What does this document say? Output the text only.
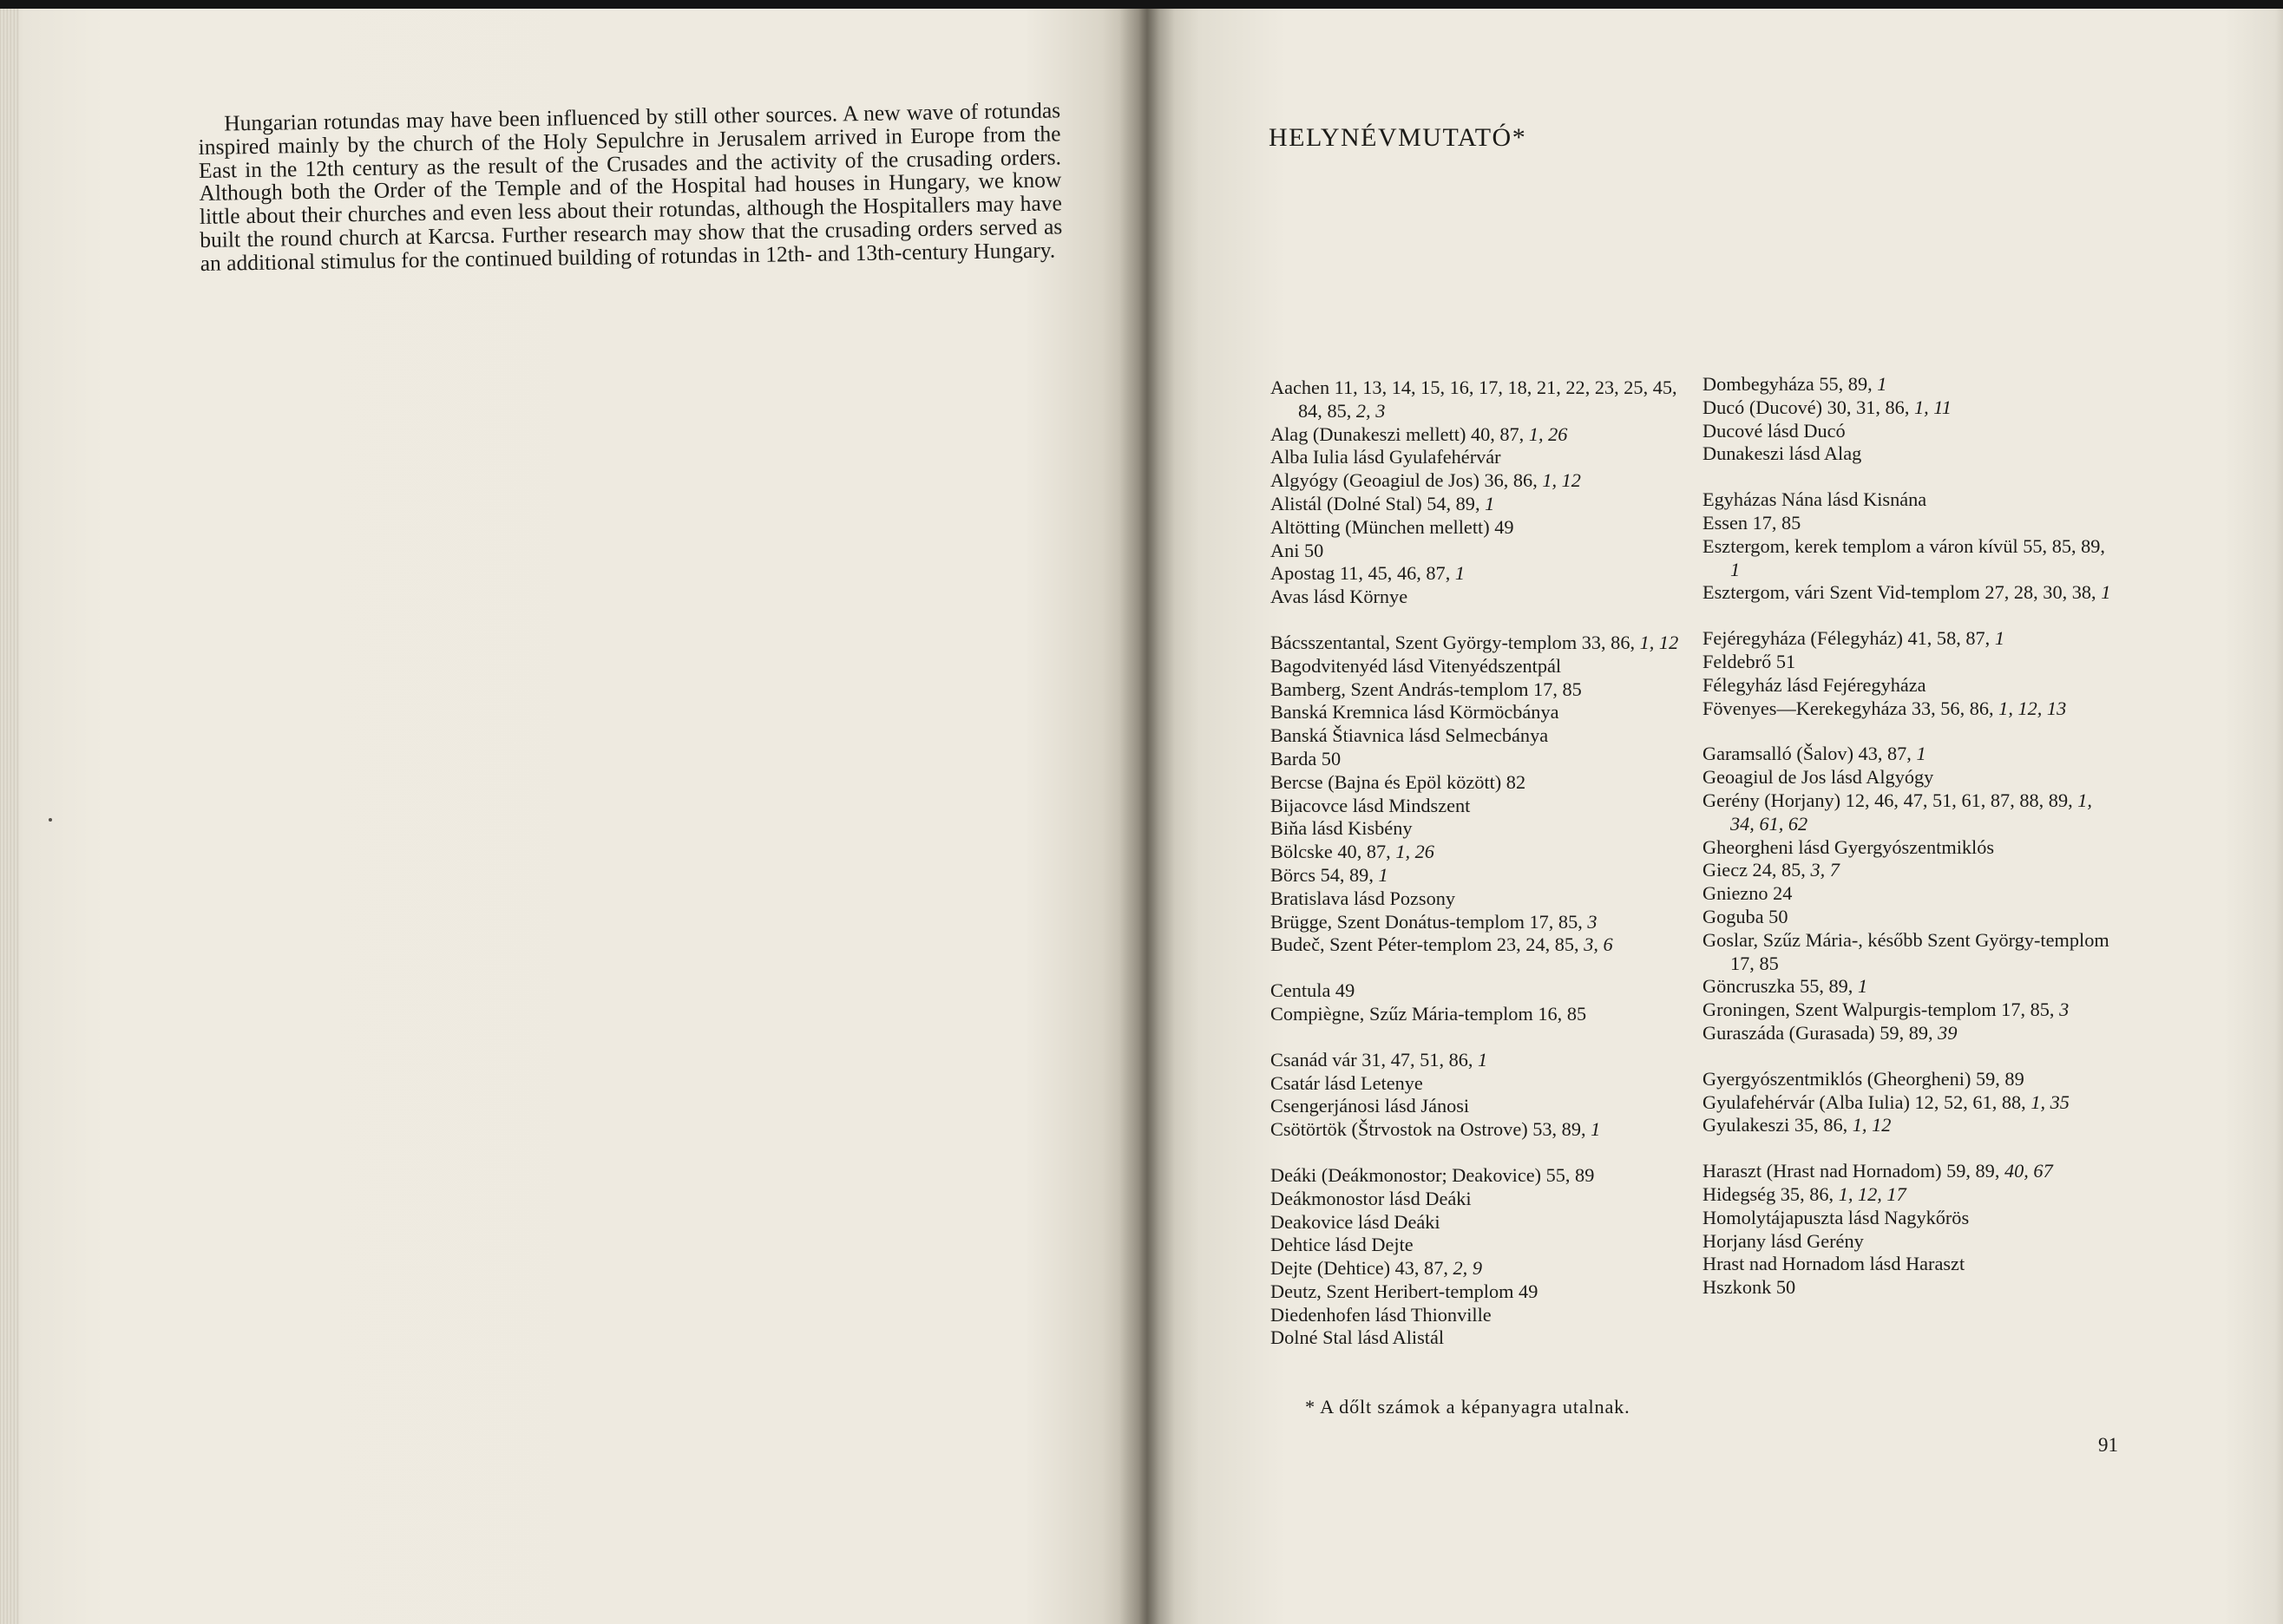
Hungarian rotundas may have been influenced by still other sources. A new wave of rotundas inspired mainly by the church of the Holy Sepulchre in Jerusalem arrived in Europe from the East in the 12th century as the result of the Crusades and the activity of the crusading orders. Although both the Order of the Temple and of the Hospital had houses in Hungary, we know little about their churches and even less about their rotundas, although the Hospitallers may have built the round church at Karcsa. Further research may show that the crusading orders served as an additional stimulus for the continued building of rotundas in 12th- and 13th-century Hungary.

HELYNÉVMUTATÓ*
Aachen 11, 13, 14, 15, 16, 17, 18, 21, 22, 23, 25, 45, 84, 85, 2, 3
Alag (Dunakeszi mellett) 40, 87, 1, 26
Alba Iulia lásd Gyulafehérvár
Algyógy (Geoagiul de Jos) 36, 86, 1, 12
Alistál (Dolné Stal) 54, 89, 1
Altötting (München mellett) 49
Ani 50
Apostag 11, 45, 46, 87, 1
Avas lásd Környe
Bácsszentantal, Szent György-templom 33, 86, 1, 12
Bagodvitenyéd lásd Vitenyédszentpál
Bamberg, Szent András-templom 17, 85
Banská Kremnica lásd Körmöcbánya
Banská Štiavnica lásd Selmecbánya
Barda 50
Bercse (Bajna és Epöl között) 82
Bijacovce lásd Mindszent
Biňa lásd Kisbény
Bölcske 40, 87, 1, 26
Börcs 54, 89, 1
Bratislava lásd Pozsony
Brügge, Szent Donátus-templom 17, 85, 3
Budeč, Szent Péter-templom 23, 24, 85, 3, 6
Centula 49
Compiègne, Szűz Mária-templom 16, 85
Csanád vár 31, 47, 51, 86, 1
Csatár lásd Letenye
Csengerjánosi lásd Jánosi
Csötörtök (Štrvostok na Ostrove) 53, 89, 1
Deáki (Deákmonostor; Deakovice) 55, 89
Deákmonostor lásd Deáki
Deakovice lásd Deáki
Dehtice lásd Dejte
Dejte (Dehtice) 43, 87, 2, 9
Deutz, Szent Heribert-templom 49
Diedenhofen lásd Thionville
Dolné Stal lásd Alistál
Dombegyháza 55, 89, 1
Ducó (Ducové) 30, 31, 86, 1, 11
Ducové lásd Ducó
Dunakeszi lásd Alag
Egyházas Nána lásd Kisnána
Essen 17, 85
Esztergom, kerek templom a váron kívül 55, 85, 89, 1
Esztergom, vári Szent Vid-templom 27, 28, 30, 38, 1
Fejéregyháza (Félegyház) 41, 58, 87, 1
Feldebrő 51
Félegyház lásd Fejéregyháza
Fövenyes—Kerekegyháza 33, 56, 86, 1, 12, 13
Garamsalló (Šalov) 43, 87, 1
Geoagiul de Jos lásd Algyógy
Gerény (Horjany) 12, 46, 47, 51, 61, 87, 88, 89, 1, 34, 61, 62
Gheorgheni lásd Gyergyószentmiklós
Giecz 24, 85, 3, 7
Gniezno 24
Goguba 50
Goslar, Szűz Mária-, később Szent György-templom 17, 85
Göncruszka 55, 89, 1
Groningen, Szent Walpurgis-templom 17, 85, 3
Guraszáda (Gurasada) 59, 89, 39
Gyergyószentmiklós (Gheorgheni) 59, 89
Gyulafehérvár (Alba Iulia) 12, 52, 61, 88, 1, 35
Gyulakeszi 35, 86, 1, 12
Haraszt (Hrast nad Hornadom) 59, 89, 40, 67
Hidegség 35, 86, 1, 12, 17
Homolytájapuszta lásd Nagykőrös
Horjany lásd Gerény
Hrast nad Hornadom lásd Haraszt
Hszkonk 50

* A dőlt számok a képanyagra utalnak.

91
